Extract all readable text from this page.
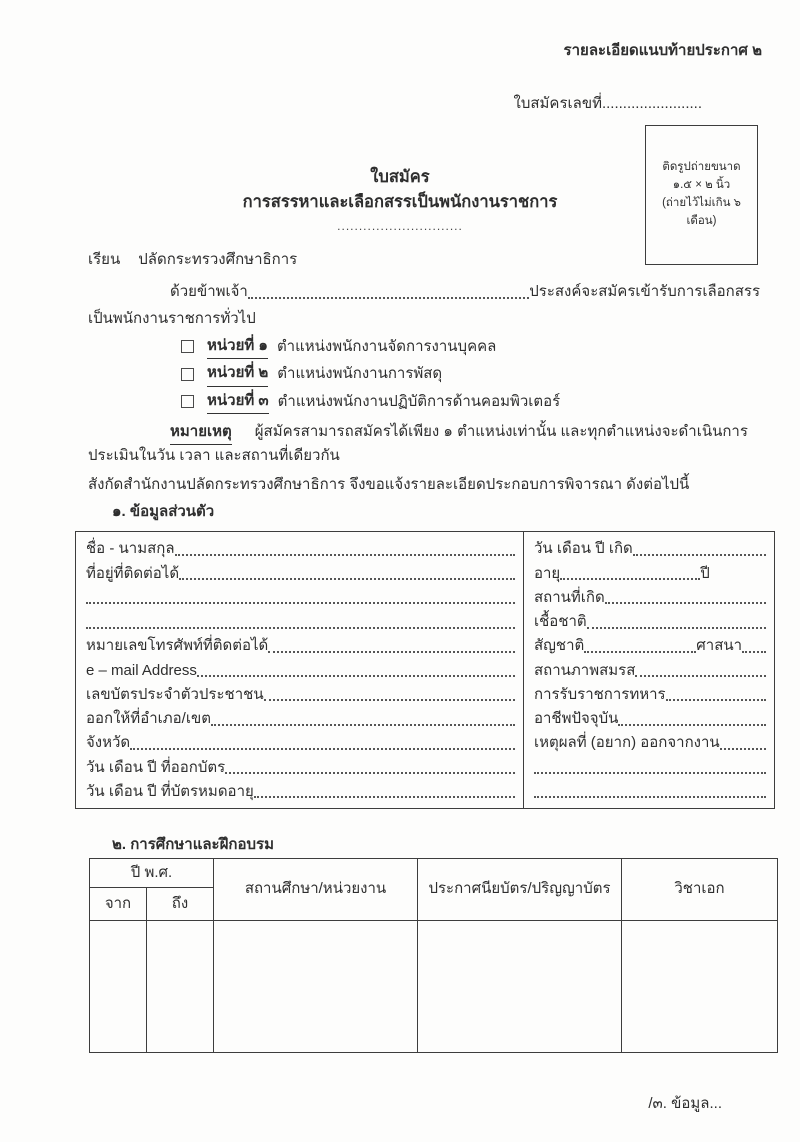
รายละเอียดแนบท้ายประกาศ ๒
ใบสมัครเลขที่........................
ติดรูปถ่ายขนาด
๑.๕ × ๒ นิ้ว
(ถ่ายไว้ไม่เกิน ๖ เดือน)
ใบสมัคร
การสรรหาและเลือกสรรเป็นพนักงานราชการ
.............................
เรียน ปลัดกระทรวงศึกษาธิการ
ด้วยข้าพเจ้า	ประสงค์จะสมัครเข้ารับการเลือกสรร
เป็นพนักงานราชการทั่วไป
หน่วยที่ ๑ ตำแหน่งพนักงานจัดการงานบุคคล
หน่วยที่ ๒ ตำแหน่งพนักงานการพัสดุ
หน่วยที่ ๓ ตำแหน่งพนักงานปฏิบัติการด้านคอมพิวเตอร์
หมายเหตุ ผู้สมัครสามารถสมัครได้เพียง ๑ ตำแหน่งเท่านั้น และทุกตำแหน่งจะดำเนินการ
ประเมินในวัน เวลา และสถานที่เดียวกัน
สังกัดสำนักงานปลัดกระทรวงศึกษาธิการ จึงขอแจ้งรายละเอียดประกอบการพิจารณา ดังต่อไปนี้
๑. ข้อมูลส่วนตัว
ชื่อ - นามสกุล
ที่อยู่ที่ติดต่อได้
หมายเลขโทรศัพท์ที่ติดต่อได้
e – mail Address
เลขบัตรประจำตัวประชาชน
ออกให้ที่อำเภอ/เขต
จังหวัด
วัน เดือน ปี ที่ออกบัตร
วัน เดือน ปี ที่บัตรหมดอายุ
วัน เดือน ปี เกิด
อายุ	ปี
สถานที่เกิด
เชื้อชาติ
สัญชาติ	ศาสนา
สถานภาพสมรส
การรับราชการทหาร
อาชีพปัจจุบัน
เหตุผลที่ (อยาก) ออกจากงาน
๒. การศึกษาและฝึกอบรม
ปี พ.ศ.		สถานศึกษา/หน่วยงาน	ประกาศนียบัตร/ปริญญาบัตร	วิชาเอก
จาก	ถึง			

/๓. ข้อมูล...
